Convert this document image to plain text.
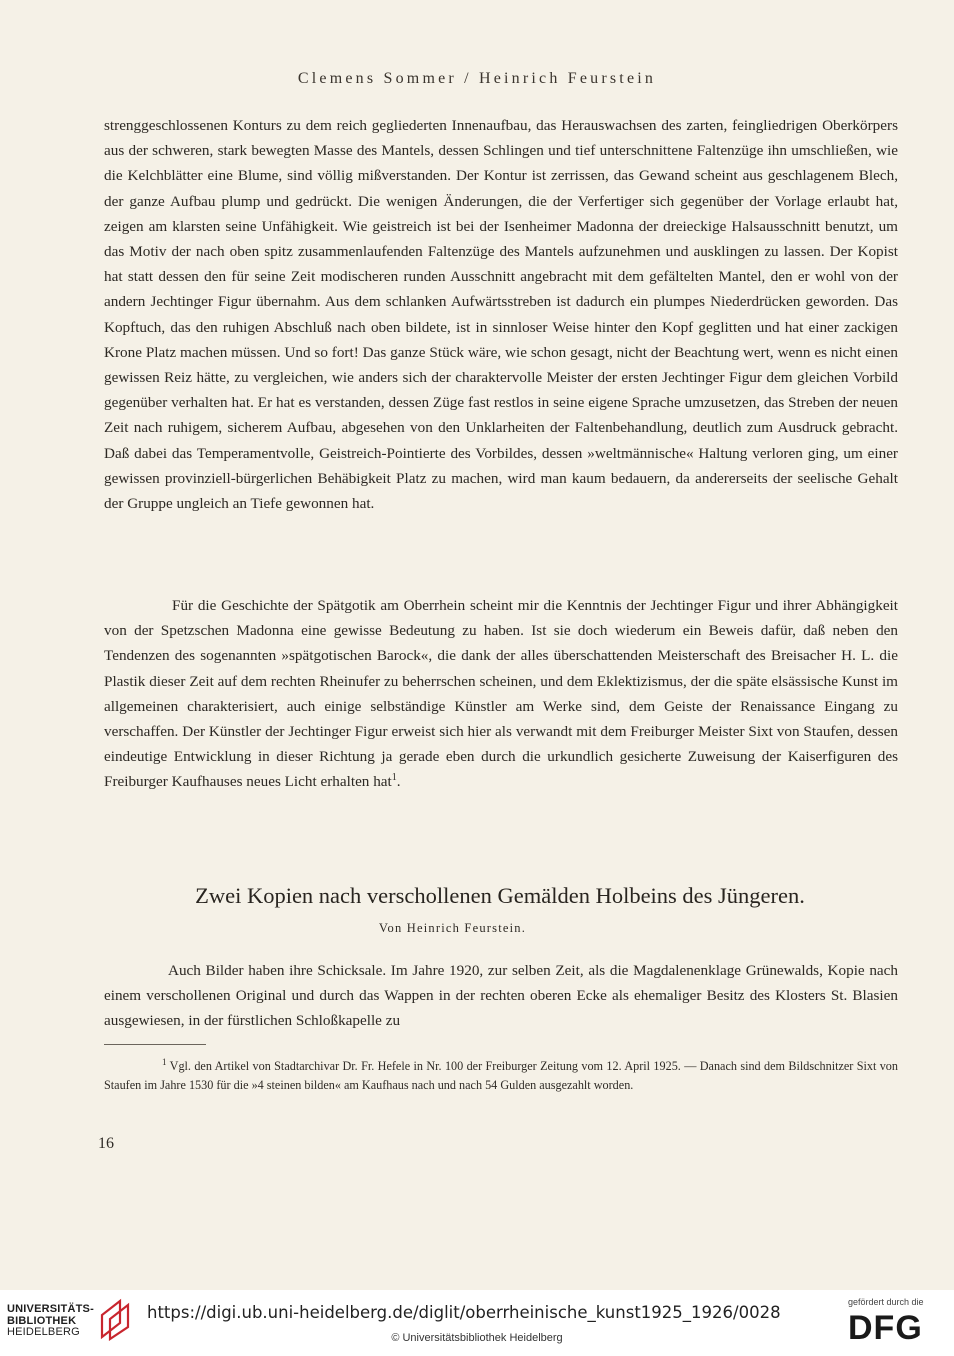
Clemens Sommer / Heinrich Feurstein

strenggeschlossenen Konturs zu dem reich gegliederten Innenaufbau, das Herauswachsen des zarten, feingliedrigen Oberkörpers aus der schweren, stark bewegten Masse des Mantels, dessen Schlingen und tief unterschnittene Faltenzüge ihn umschließen, wie die Kelchblätter eine Blume, sind völlig mißverstanden. Der Kontur ist zerrissen, das Gewand scheint aus geschlagenem Blech, der ganze Aufbau plump und gedrückt. Die wenigen Änderungen, die der Verfertiger sich gegenüber der Vorlage erlaubt hat, zeigen am klarsten seine Unfähigkeit. Wie geistreich ist bei der Isenheimer Madonna der dreieckige Halsausschnitt benutzt, um das Motiv der nach oben spitz zusammenlaufenden Faltenzüge des Mantels aufzunehmen und ausklingen zu lassen. Der Kopist hat statt dessen den für seine Zeit modischeren runden Ausschnitt angebracht mit dem gefältelten Mantel, den er wohl von der andern Jechtinger Figur übernahm. Aus dem schlanken Aufwärtsstreben ist dadurch ein plumpes Niederdrücken geworden. Das Kopftuch, das den ruhigen Abschluß nach oben bildete, ist in sinnloser Weise hinter den Kopf geglitten und hat einer zackigen Krone Platz machen müssen. Und so fort! Das ganze Stück wäre, wie schon gesagt, nicht der Beachtung wert, wenn es nicht einen gewissen Reiz hätte, zu vergleichen, wie anders sich der charaktervolle Meister der ersten Jechtinger Figur dem gleichen Vorbild gegenüber verhalten hat. Er hat es verstanden, dessen Züge fast restlos in seine eigene Sprache umzusetzen, das Streben der neuen Zeit nach ruhigem, sicherem Aufbau, abgesehen von den Unklarheiten der Faltenbehandlung, deutlich zum Ausdruck gebracht. Daß dabei das Temperamentvolle, Geistreich-Pointierte des Vorbildes, dessen »weltmännische« Haltung verloren ging, um einer gewissen provinziell-bürgerlichen Behäbigkeit Platz zu machen, wird man kaum bedauern, da andererseits der seelische Gehalt der Gruppe ungleich an Tiefe gewonnen hat.

Für die Geschichte der Spätgotik am Oberrhein scheint mir die Kenntnis der Jechtinger Figur und ihrer Abhängigkeit von der Spetzschen Madonna eine gewisse Bedeutung zu haben. Ist sie doch wiederum ein Beweis dafür, daß neben den Tendenzen des sogenannten »spätgotischen Barock«, die dank der alles überschattenden Meisterschaft des Breisacher H. L. die Plastik dieser Zeit auf dem rechten Rheinufer zu beherrschen scheinen, und dem Eklektizismus, der die späte elsässische Kunst im allgemeinen charakterisiert, auch einige selbständige Künstler am Werke sind, dem Geiste der Renaissance Eingang zu verschaffen. Der Künstler der Jechtinger Figur erweist sich hier als verwandt mit dem Freiburger Meister Sixt von Staufen, dessen eindeutige Entwicklung in dieser Richtung ja gerade eben durch die urkundlich gesicherte Zuweisung der Kaiserfiguren des Freiburger Kaufhauses neues Licht erhalten hat$^1$.

Zwei Kopien nach verschollenen Gemälden Holbeins des Jüngeren.
Von Heinrich Feurstein.

Auch Bilder haben ihre Schicksale. Im Jahre 1920, zur selben Zeit, als die Magdalenenklage Grünewalds, Kopie nach einem verschollenen Original und durch das Wappen in der rechten oberen Ecke als ehemaliger Besitz des Klosters St. Blasien ausgewiesen, in der fürstlichen Schloßkapelle zu

$^1$ Vgl. den Artikel von Stadtarchivar Dr. Fr. Hefele in Nr. 100 der Freiburger Zeitung vom 12. April 1925. — Danach sind dem Bildschnitzer Sixt von Staufen im Jahre 1530 für die »4 steinen bilden« am Kaufhaus nach und nach 54 Gulden ausgezahlt worden.
16
UNIVERSITÄTS-
BIBLIOTHEK
HEIDELBERG
https://digi.ub.uni-heidelberg.de/diglit/oberrheinische_kunst1925_1926/0028
© Universitätsbibliothek Heidelberg
gefördert durch die
DFG
